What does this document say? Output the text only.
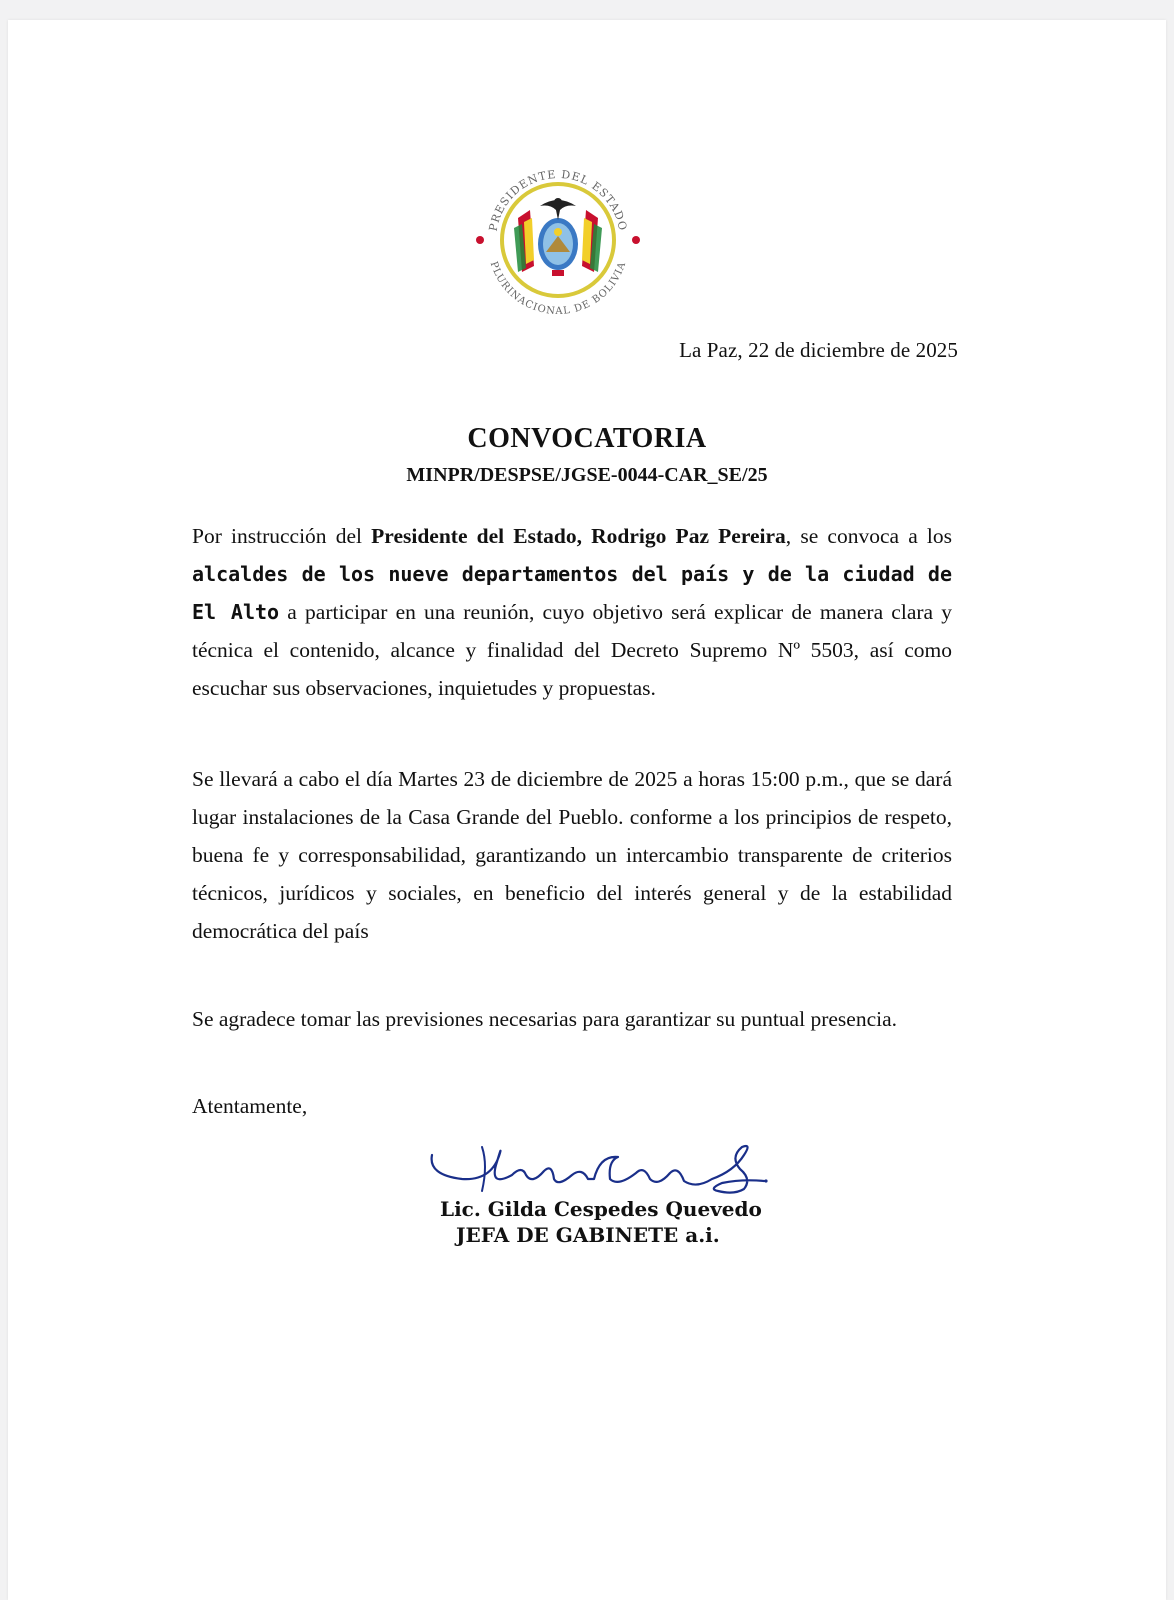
PRESIDENTE DEL ESTADO
PLURINACIONAL DE BOLIVIA
La Paz, 22 de diciembre de 2025
CONVOCATORIA
MINPR/DESPSE/JGSE-0044-CAR_SE/25

Por instrucción del Presidente del Estado, Rodrigo Paz Pereira, se convoca a los alcaldes de los nueve departamentos del país y de la ciudad de El Alto a participar en una reunión, cuyo objetivo será explicar de manera clara y técnica el contenido, alcance y finalidad del Decreto Supremo Nº 5503, así como escuchar sus observaciones, inquietudes y propuestas.

Se llevará a cabo el día Martes 23 de diciembre de 2025 a horas 15:00 p.m., que se dará lugar instalaciones de la Casa Grande del Pueblo. conforme a los principios de respeto, buena fe y corresponsabilidad, garantizando un intercambio transparente de criterios técnicos, jurídicos y sociales, en beneficio del interés general y de la estabilidad democrática del país

Se agradece tomar las previsiones necesarias para garantizar su puntual presencia.

Atentamente,
Lic. Gilda Cespedes Quevedo
JEFA DE GABINETE a.i.
